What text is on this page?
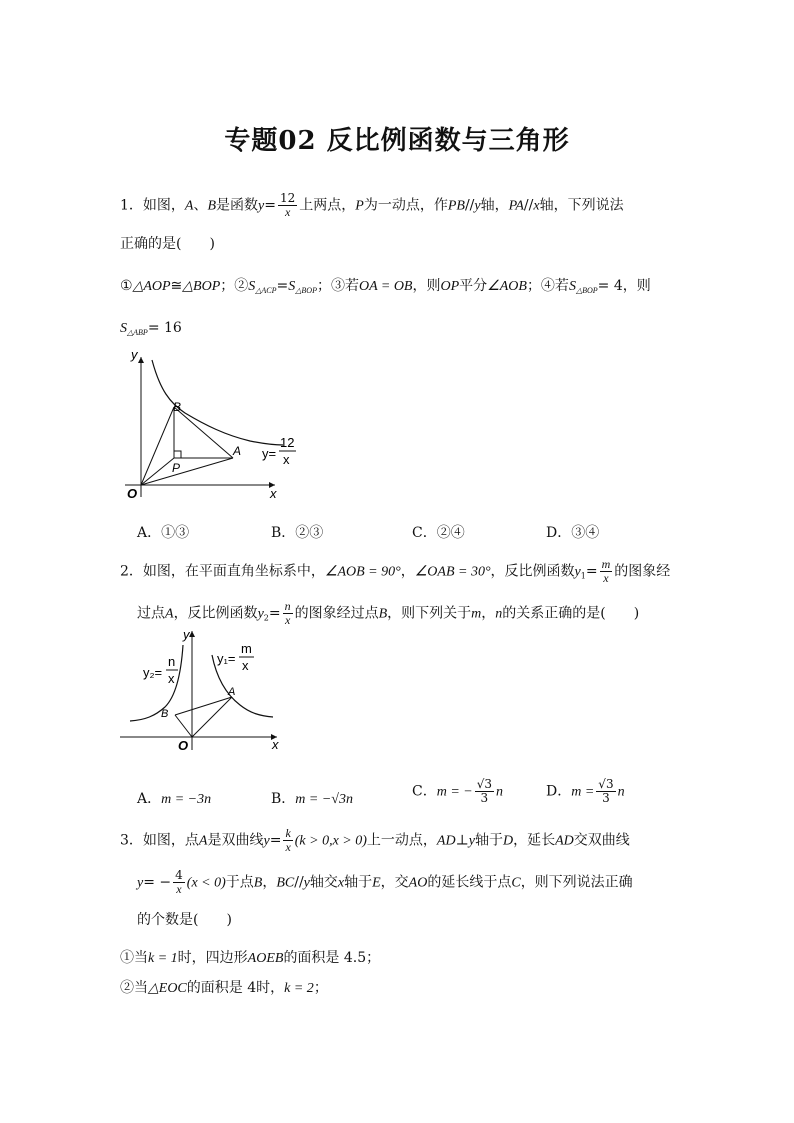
专题02 反比例函数与三角形
1．如图，A、B是函数$y= \frac{12}{x}$ 上两点，P为一动点，作PB//y轴，PA//x轴，下列说法
正确的是(　　)
①△AOP≅△BOP；$②S_{\triangle ACP}=S_{\triangle BOP}$；③若OA = OB，则OP平分∠AOB；④若$S_{\triangle BOP}= 4$，则
$S_{\triangle ABP}= 16$
y
x
O
B
A
P
y=
12
x
A．①③	B．②③	C．②④	D．③④
2．如图，在平面直角坐标系中，∠AOB = 90°，∠OAB = 30°，反比例函数$y_1= \frac{m}{x}$ 的图象经
过点A，反比例函数$y_2= \frac{n}{x}$ 的图象经过点B，则下列关于m，n的关系正确的是(　　)
y
x
O
A
B
y₂=
n
x
y₁=
m
x
A．m = −3n	B．m = −√3n	C．m = − $\frac{√3}{3}$ n	D．$m = \frac{√3}{3}$ n
3．如图，点A是双曲线$y= \frac{k}{x} (k > 0,x > 0)$上一动点，AD⊥y轴于D，延长AD交双曲线
$y= - \frac{4}{x} (x < 0)$于点B，BC//y轴交x轴于E，交AO的延长线于点C，则下列说法正确
的个数是(　　)
①当k = 1时，四边形AOEB的面积是 4.5；
②当△EOC的面积是 4时，k = 2；
